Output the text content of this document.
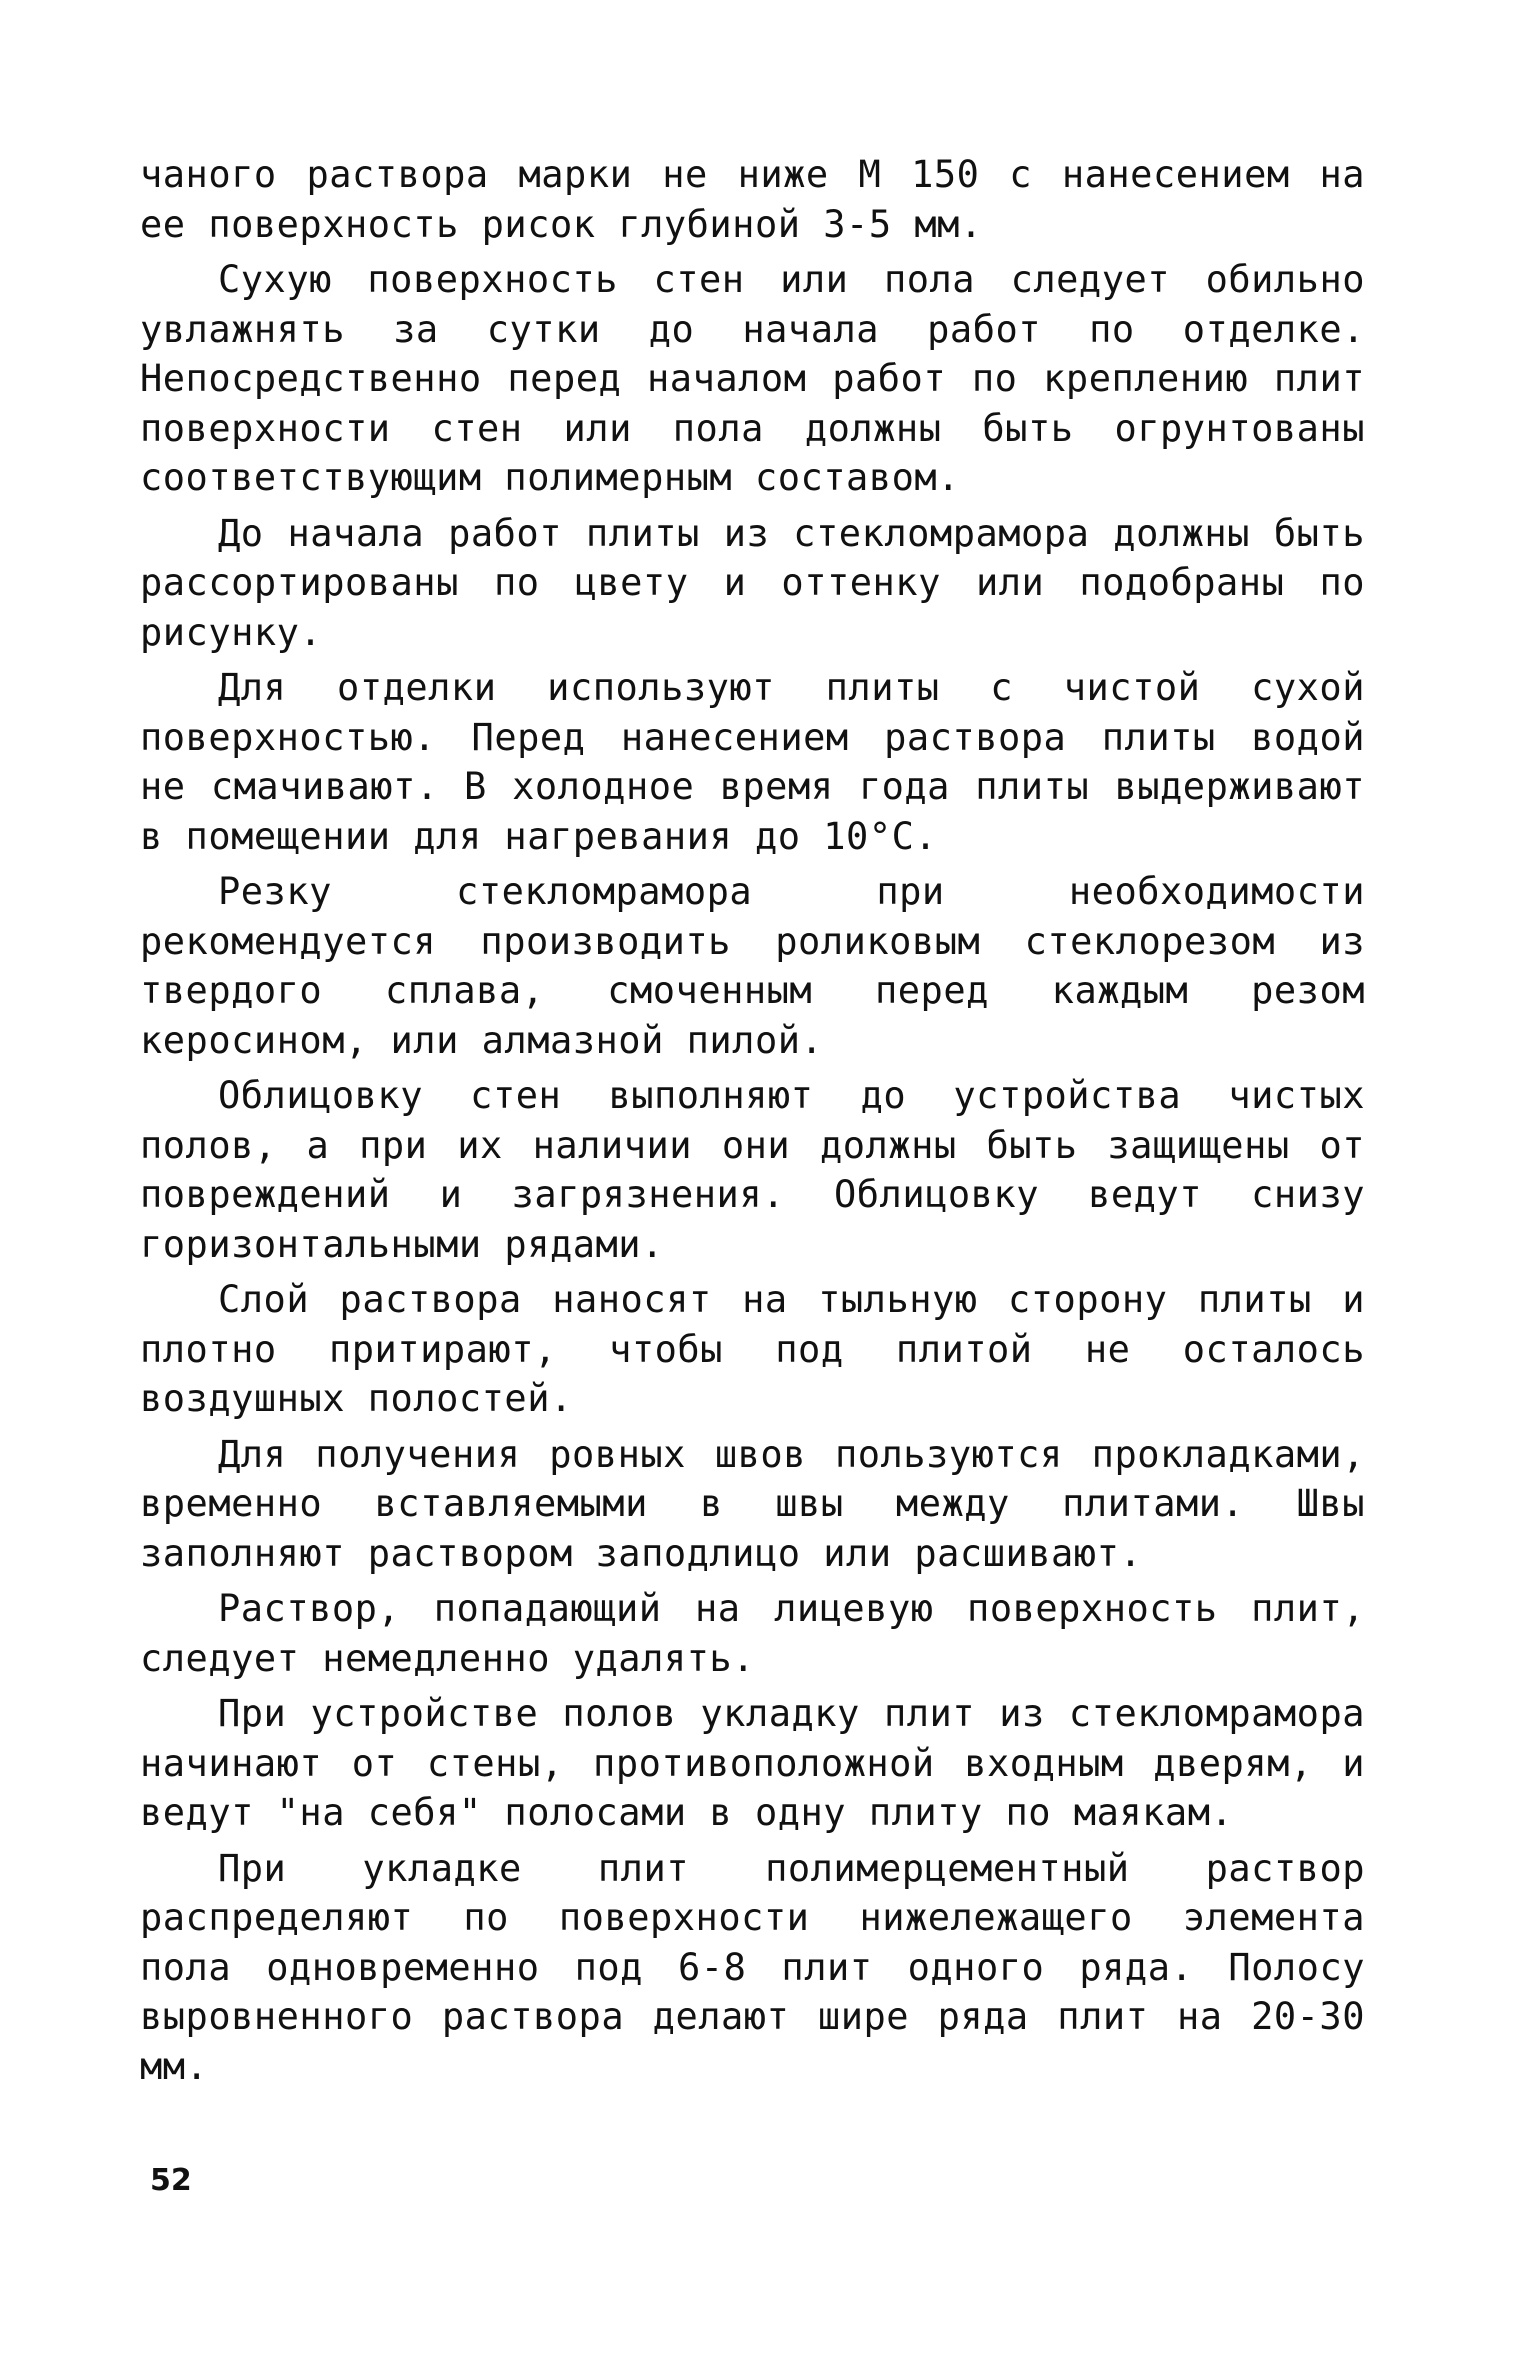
чаного раствора марки не ниже М 150 с нанесением на ее поверхность рисок глубиной 3-5 мм.

Сухую поверхность стен или пола следует обильно увлажнять за сутки до начала работ по отделке. Непосредственно перед началом работ по креплению плит поверхности стен или пола должны быть огрунтованы соответствующим полимерным составом.

До начала работ плиты из стекломрамора должны быть рассортированы по цвету и оттенку или подобраны по рисунку.

Для отделки используют плиты с чистой сухой поверхностью. Перед нанесением раствора плиты водой не смачивают. В холодное время года плиты выдерживают в помещении для нагревания до 10°С.

Резку стекломрамора при необходимости рекомендуется производить роликовым стеклорезом из твердого сплава, смоченным перед каждым резом керосином, или алмазной пилой.

Облицовку стен выполняют до устройства чистых полов, а при их наличии они должны быть защищены от повреждений и загрязнения. Облицовку ведут снизу горизонтальными рядами.

Слой раствора наносят на тыльную сторону плиты и плотно притирают, чтобы под плитой не осталось воздушных полостей.

Для получения ровных швов пользуются прокладками, временно вставляемыми в швы между плитами. Швы заполняют раствором заподлицо или расшивают.

Раствор, попадающий на лицевую поверхность плит, следует немедленно удалять.

При устройстве полов укладку плит из стекломрамора начинают от стены, противоположной входным дверям, и ведут "на себя" полосами в одну плиту по маякам.

При укладке плит полимерцементный раствор распределяют по поверхности нижележащего элемента пола одновременно под 6-8 плит одного ряда. Полосу выровненного раствора делают шире ряда плит на 20-30 мм.

52
